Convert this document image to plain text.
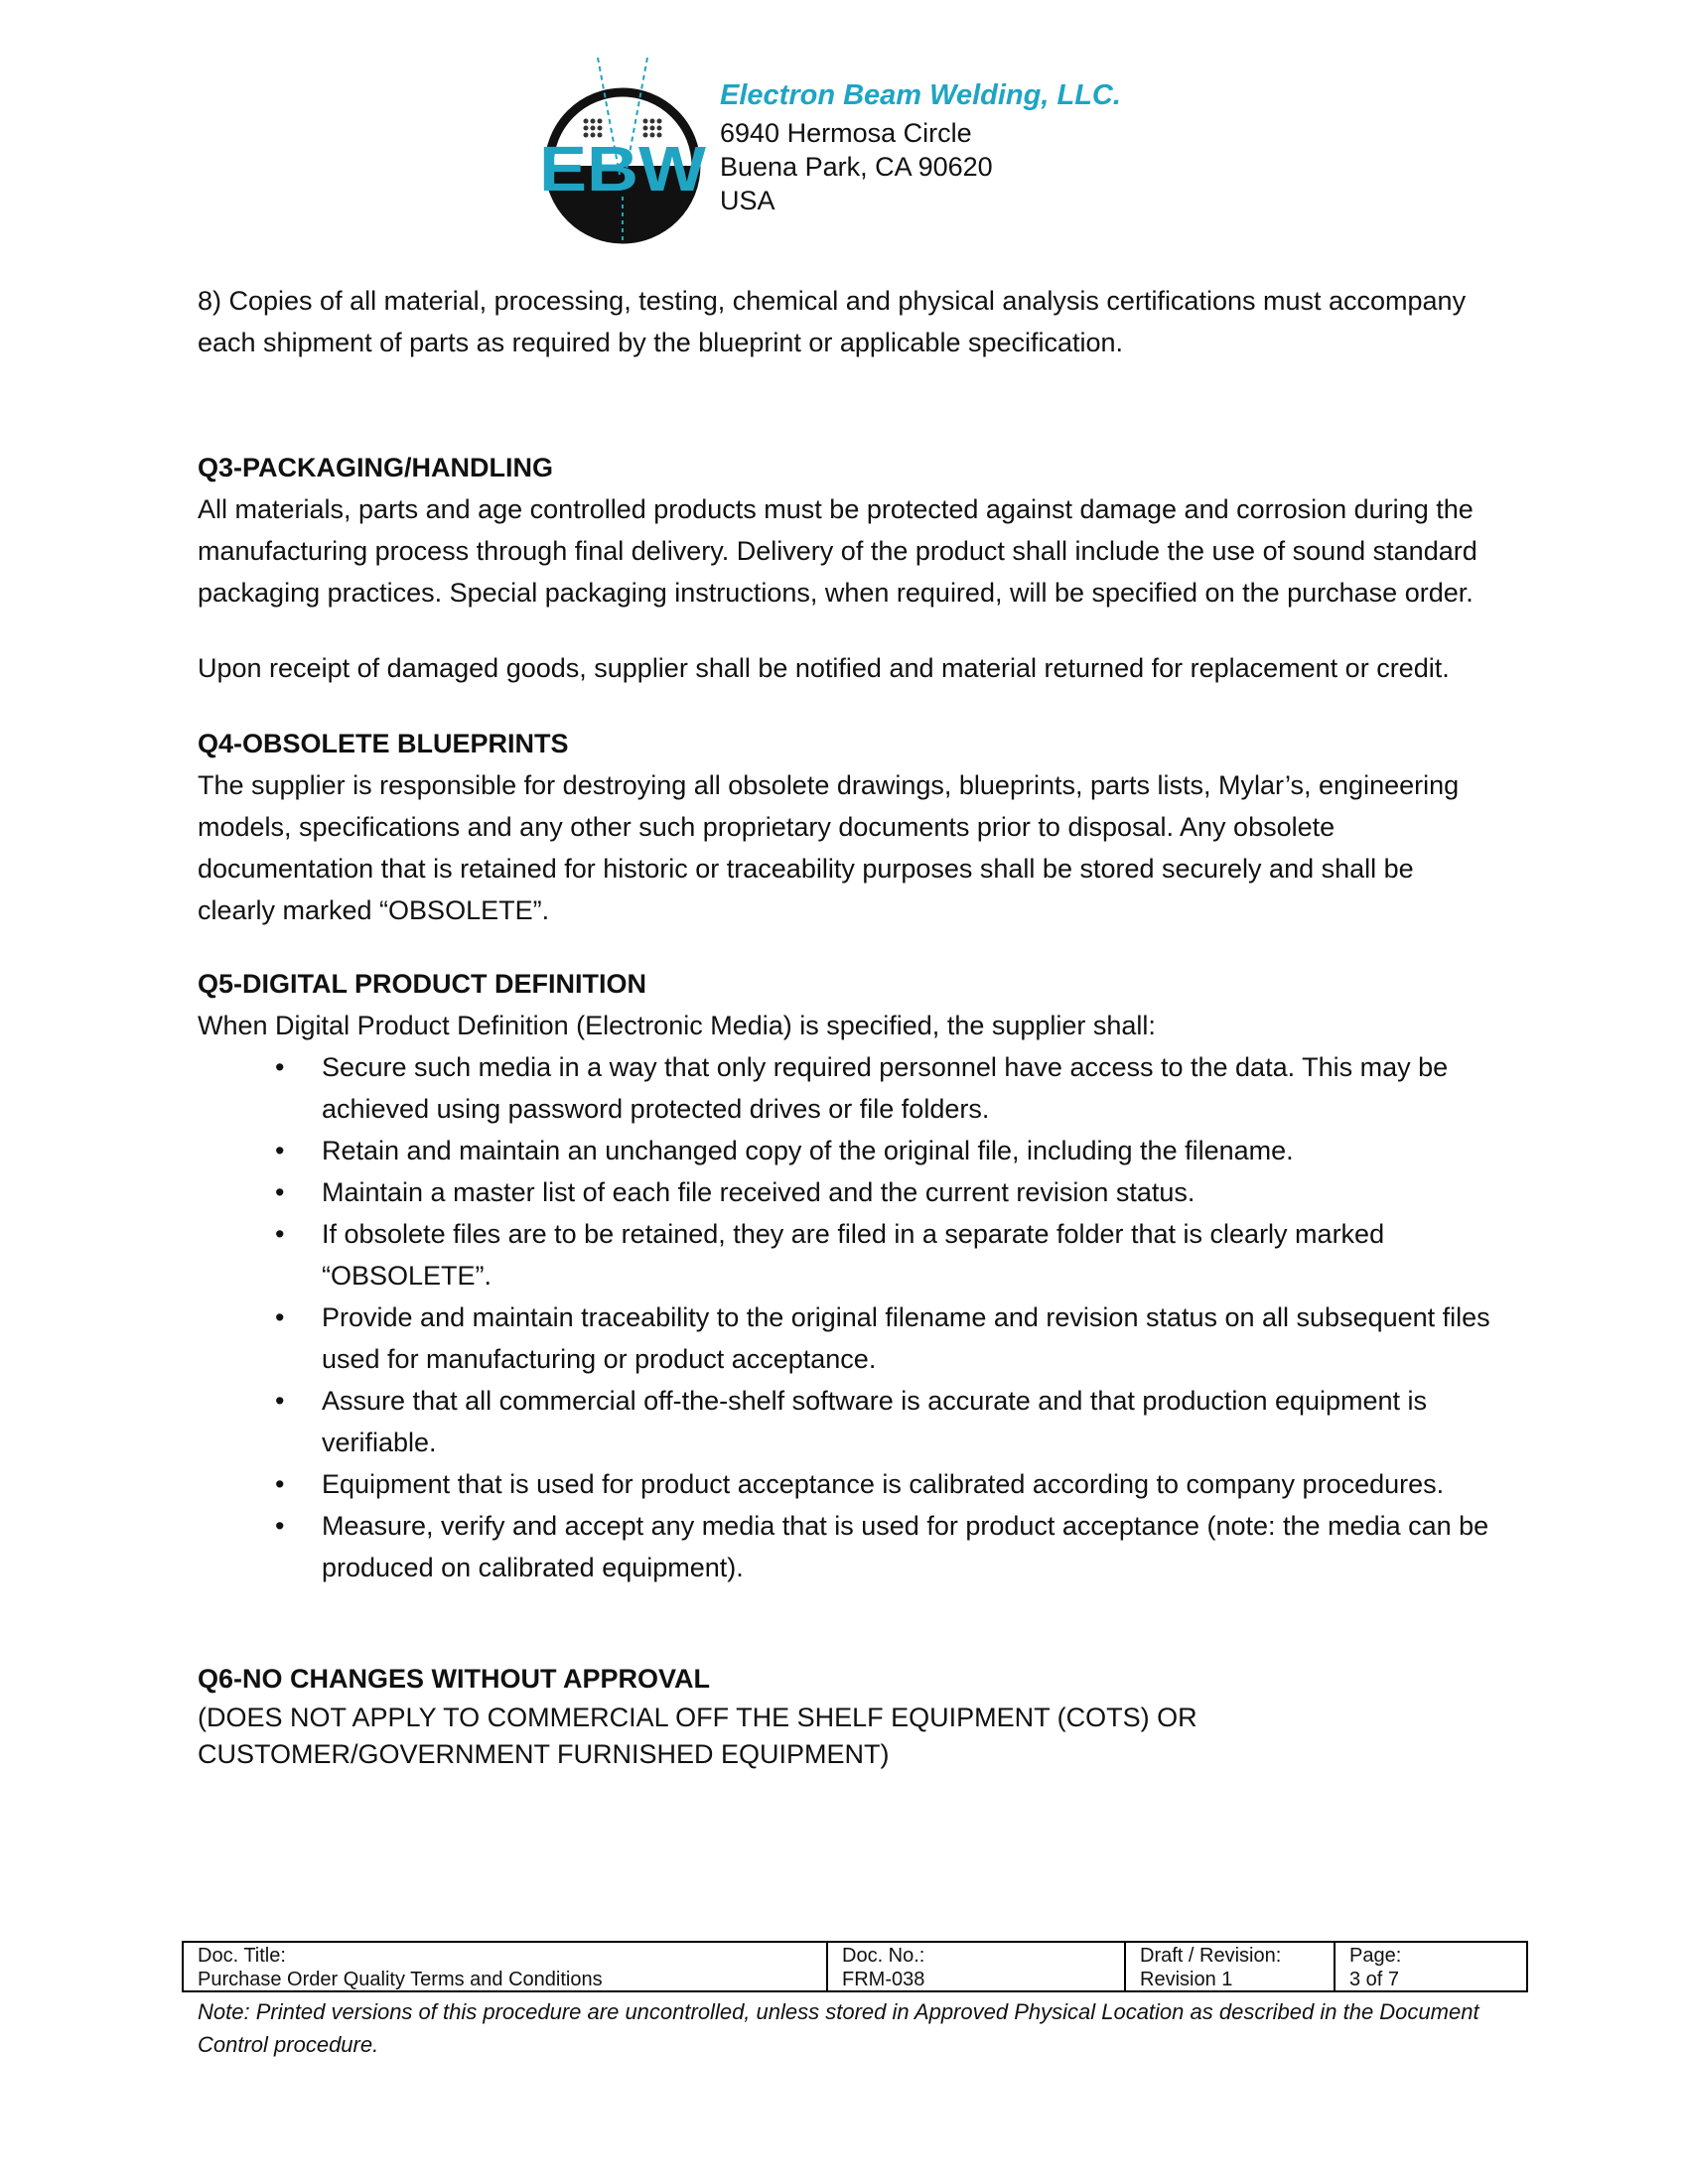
EBW
Electron Beam Welding, LLC.
6940 Hermosa Circle
Buena Park, CA 90620
USA

8) Copies of all material, processing, testing, chemical and physical analysis certifications must accompany each shipment of parts as required by the blueprint or applicable specification.

Q3-PACKAGING/HANDLING

All materials, parts and age controlled products must be protected against damage and corrosion during the manufacturing process through final delivery. Delivery of the product shall include the use of sound standard packaging practices. Special packaging instructions, when required, will be specified on the purchase order.

Upon receipt of damaged goods, supplier shall be notified and material returned for replacement or credit.

Q4-OBSOLETE BLUEPRINTS

The supplier is responsible for destroying all obsolete drawings, blueprints, parts lists, Mylar’s, engineering models, specifications and any other such proprietary documents prior to disposal. Any obsolete documentation that is retained for historic or traceability purposes shall be stored securely and shall be clearly marked “OBSOLETE”.

Q5-DIGITAL PRODUCT DEFINITION

When Digital Product Definition (Electronic Media) is specified, the supplier shall:

• Secure such media in a way that only required personnel have access to the data. This may be achieved using password protected drives or file folders.
• Retain and maintain an unchanged copy of the original file, including the filename.
• Maintain a master list of each file received and the current revision status.
• If obsolete files are to be retained, they are filed in a separate folder that is clearly marked “OBSOLETE”.
• Provide and maintain traceability to the original filename and revision status on all subsequent files used for manufacturing or product acceptance.
• Assure that all commercial off-the-shelf software is accurate and that production equipment is verifiable.
• Equipment that is used for product acceptance is calibrated according to company procedures.
• Measure, verify and accept any media that is used for product acceptance (note: the media can be produced on calibrated equipment).

Q6-NO CHANGES WITHOUT APPROVAL

(DOES NOT APPLY TO COMMERCIAL OFF THE SHELF EQUIPMENT (COTS) OR CUSTOMER/GOVERNMENT FURNISHED EQUIPMENT)

Doc. Title:
Purchase Order Quality Terms and Conditions
Doc. No.:
FRM-038
Draft / Revision:
Revision 1
Page:
3 of 7
Note: Printed versions of this procedure are uncontrolled, unless stored in Approved Physical Location as described in the Document Control procedure.
